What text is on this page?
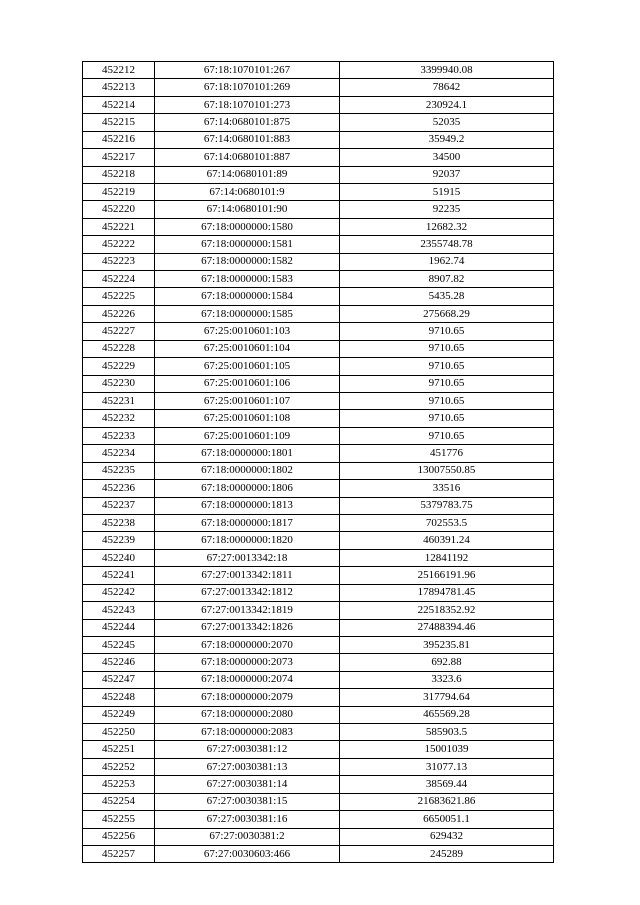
452212	67:18:1070101:267	3399940.08
452213	67:18:1070101:269	78642
452214	67:18:1070101:273	230924.1
452215	67:14:0680101:875	52035
452216	67:14:0680101:883	35949.2
452217	67:14:0680101:887	34500
452218	67:14:0680101:89	92037
452219	67:14:0680101:9	51915
452220	67:14:0680101:90	92235
452221	67:18:0000000:1580	12682.32
452222	67:18:0000000:1581	2355748.78
452223	67:18:0000000:1582	1962.74
452224	67:18:0000000:1583	8907.82
452225	67:18:0000000:1584	5435.28
452226	67:18:0000000:1585	275668.29
452227	67:25:0010601:103	9710.65
452228	67:25:0010601:104	9710.65
452229	67:25:0010601:105	9710.65
452230	67:25:0010601:106	9710.65
452231	67:25:0010601:107	9710.65
452232	67:25:0010601:108	9710.65
452233	67:25:0010601:109	9710.65
452234	67:18:0000000:1801	451776
452235	67:18:0000000:1802	13007550.85
452236	67:18:0000000:1806	33516
452237	67:18:0000000:1813	5379783.75
452238	67:18:0000000:1817	702553.5
452239	67:18:0000000:1820	460391.24
452240	67:27:0013342:18	12841192
452241	67:27:0013342:1811	25166191.96
452242	67:27:0013342:1812	17894781.45
452243	67:27:0013342:1819	22518352.92
452244	67:27:0013342:1826	27488394.46
452245	67:18:0000000:2070	395235.81
452246	67:18:0000000:2073	692.88
452247	67:18:0000000:2074	3323.6
452248	67:18:0000000:2079	317794.64
452249	67:18:0000000:2080	465569.28
452250	67:18:0000000:2083	585903.5
452251	67:27:0030381:12	15001039
452252	67:27:0030381:13	31077.13
452253	67:27:0030381:14	38569.44
452254	67:27:0030381:15	21683621.86
452255	67:27:0030381:16	6650051.1
452256	67:27:0030381:2	629432
452257	67:27:0030603:466	245289
